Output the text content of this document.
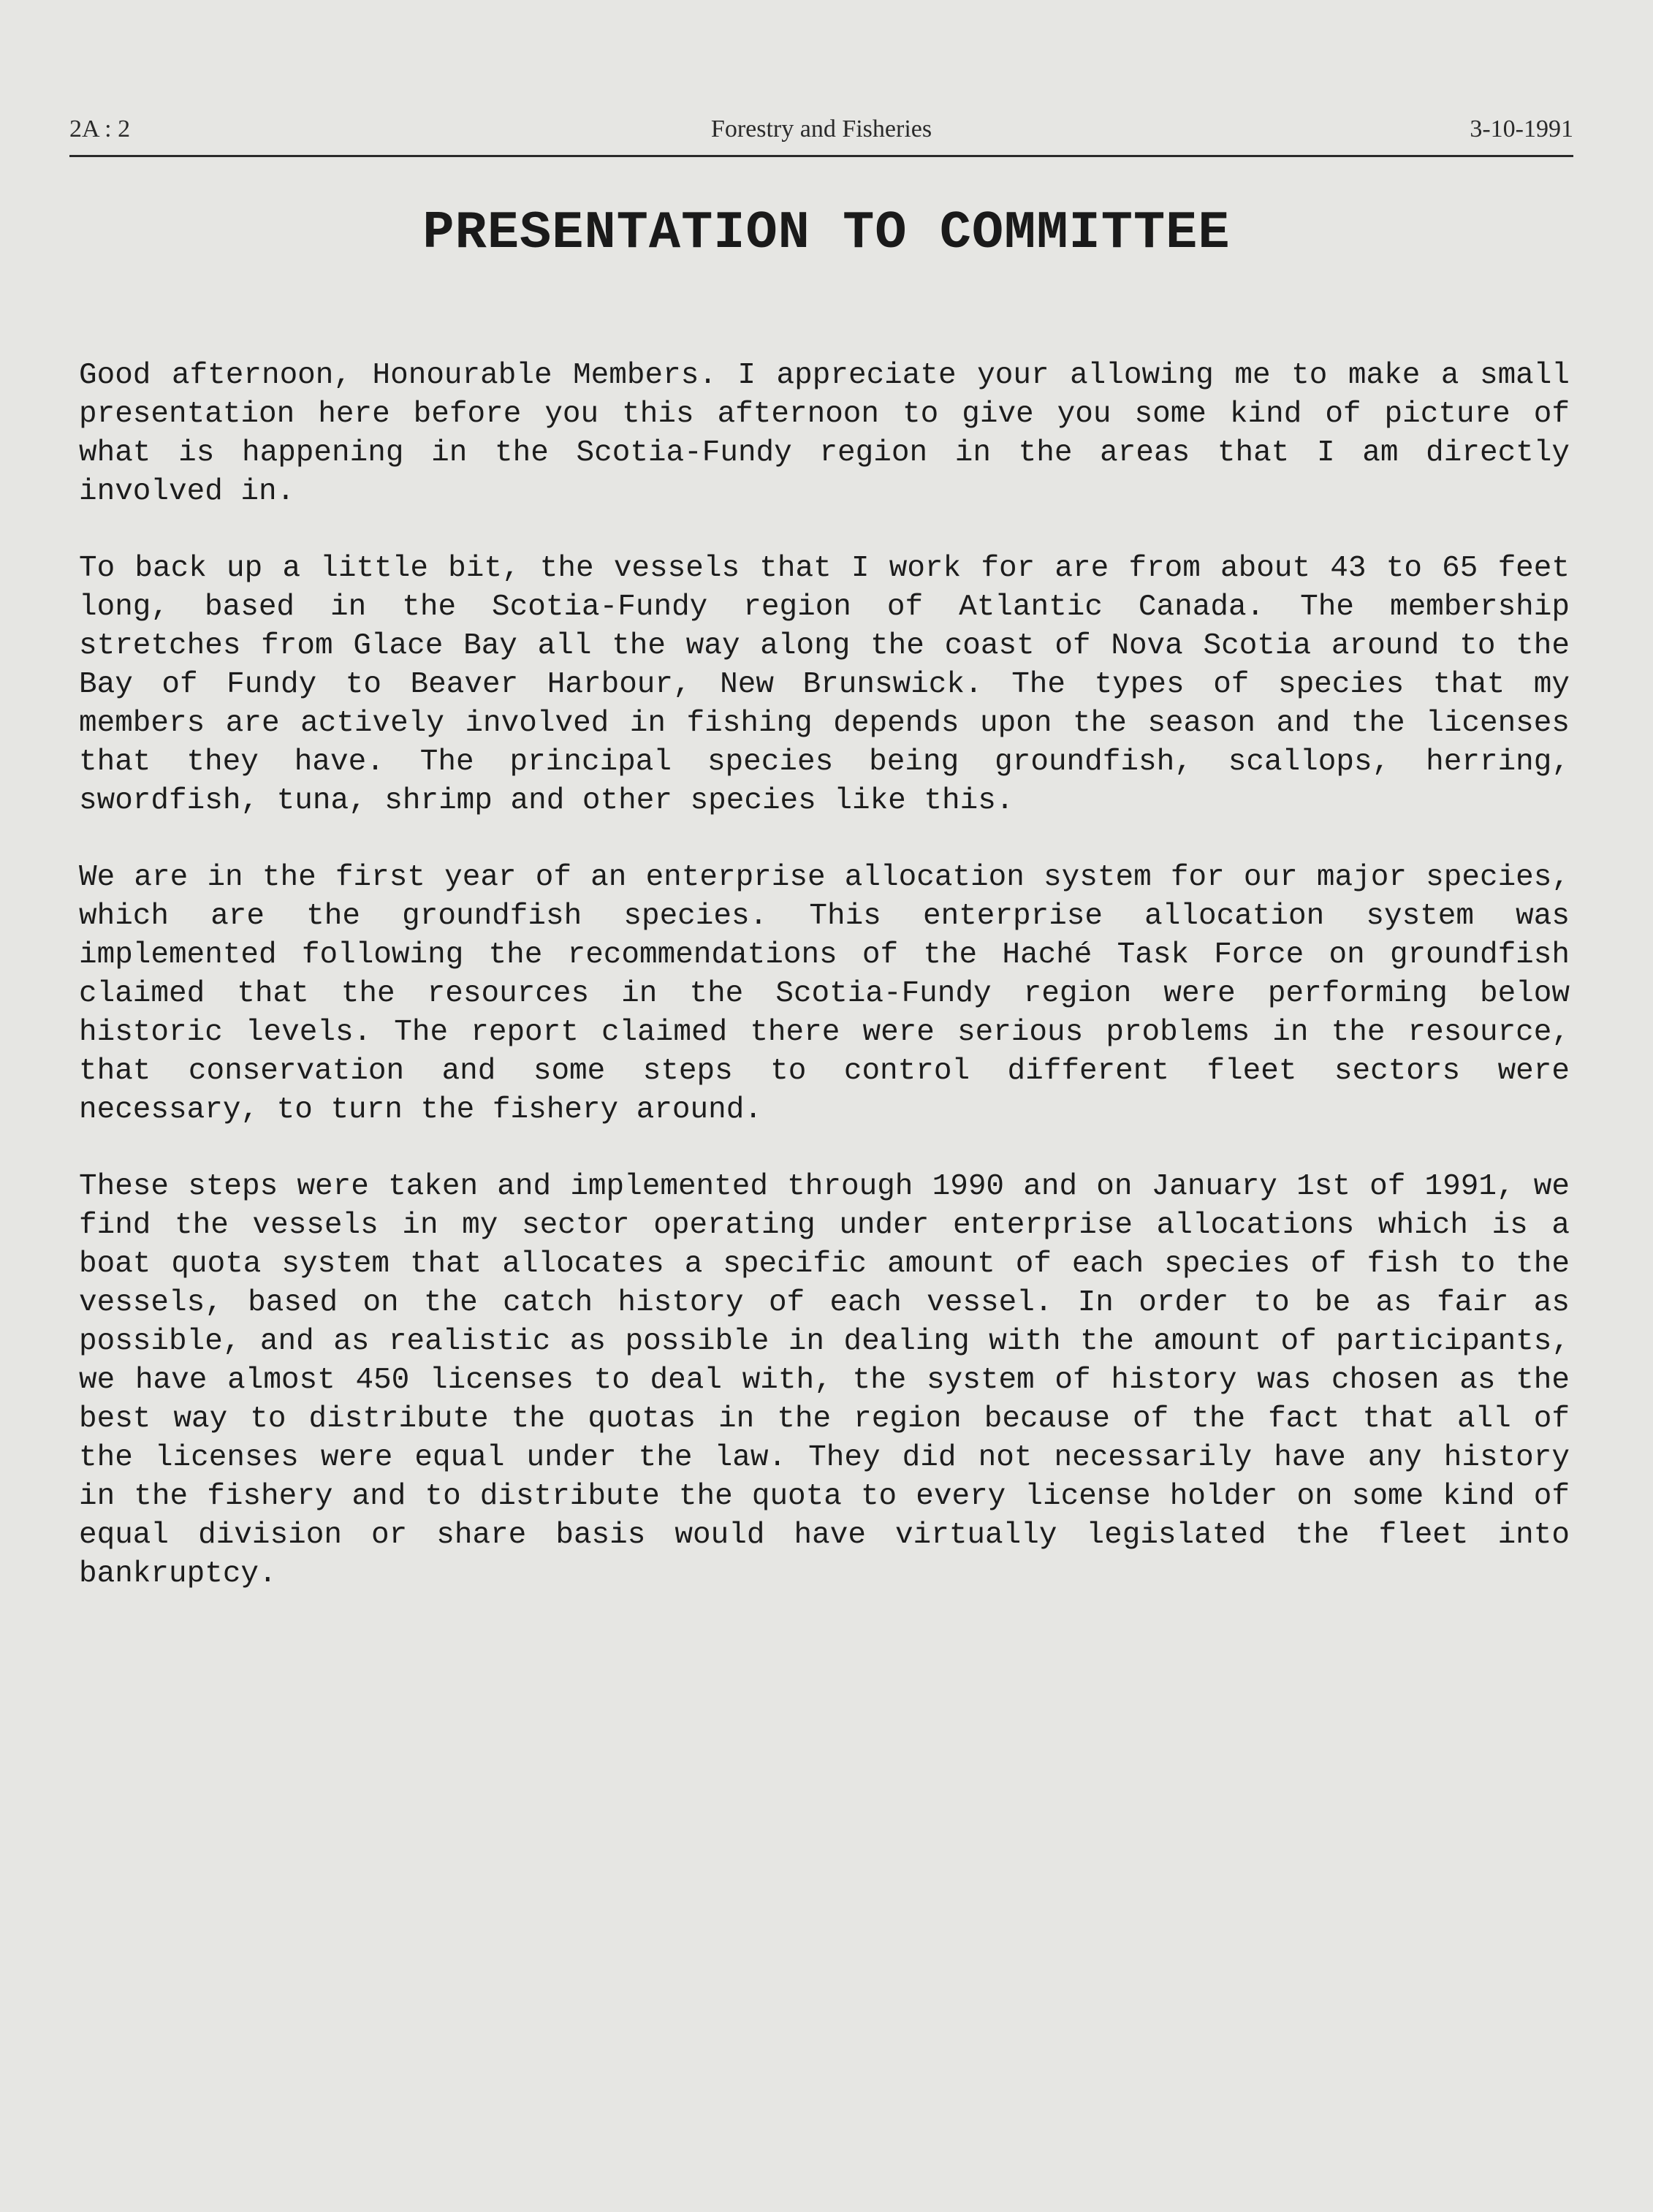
Forestry and Fisheries
2A : 2	3-10-1991
PRESENTATION TO COMMITTEE

Good afternoon, Honourable Members. I appreciate your allowing me to make a small presentation here before you this afternoon to give you some kind of picture of what is happening in the Scotia-Fundy region in the areas that I am directly involved in.

To back up a little bit, the vessels that I work for are from about 43 to 65 feet long, based in the Scotia-Fundy region of Atlantic Canada. The membership stretches from Glace Bay all the way along the coast of Nova Scotia around to the Bay of Fundy to Beaver Harbour, New Brunswick. The types of species that my members are actively involved in fishing depends upon the season and the licenses that they have. The principal species being groundfish, scallops, herring, swordfish, tuna, shrimp and other species like this.

We are in the first year of an enterprise allocation system for our major species, which are the groundfish species. This enterprise allocation system was implemented following the recommendations of the Haché Task Force on groundfish claimed that the resources in the Scotia-Fundy region were performing below historic levels. The report claimed there were serious problems in the resource, that conservation and some steps to control different fleet sectors were necessary, to turn the fishery around.

These steps were taken and implemented through 1990 and on January 1st of 1991, we find the vessels in my sector operating under enterprise allocations which is a boat quota system that allocates a specific amount of each species of fish to the vessels, based on the catch history of each vessel. In order to be as fair as possible, and as realistic as possible in dealing with the amount of participants, we have almost 450 licenses to deal with, the system of history was chosen as the best way to distribute the quotas in the region because of the fact that all of the licenses were equal under the law. They did not necessarily have any history in the fishery and to distribute the quota to every license holder on some kind of equal division or share basis would have virtually legislated the fleet into bankruptcy.
